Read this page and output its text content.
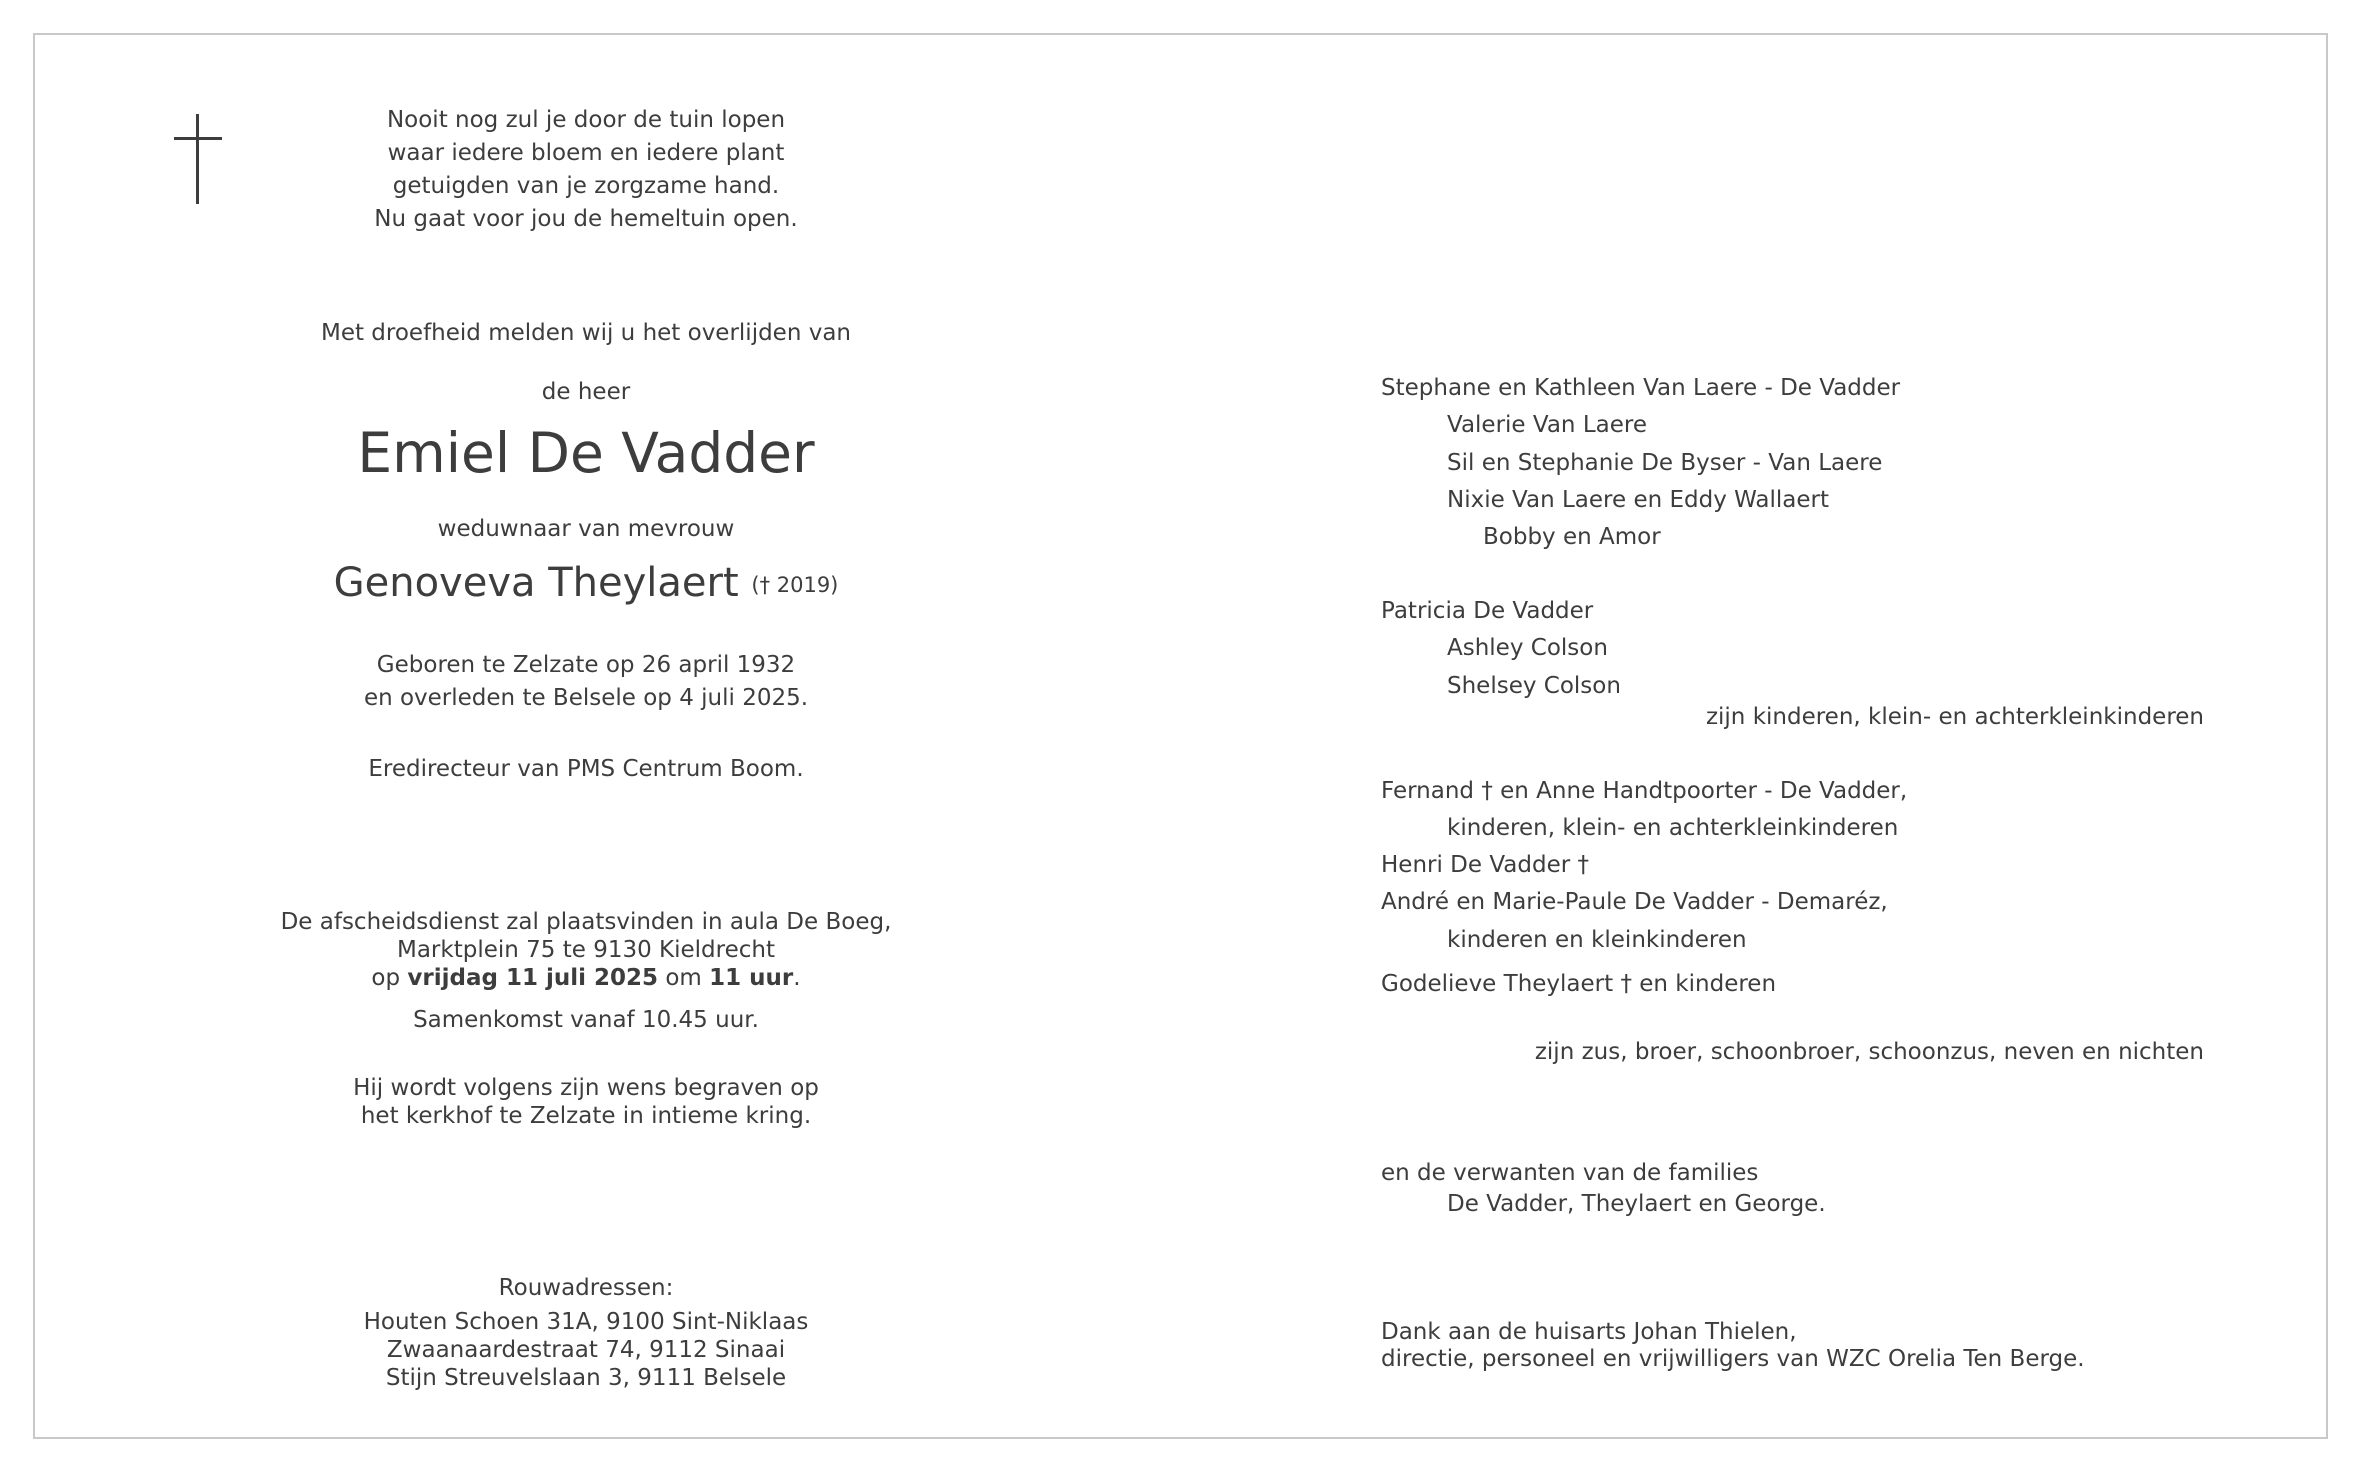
Nooit nog zul je door de tuin lopen
waar iedere bloem en iedere plant
getuigden van je zorgzame hand.
Nu gaat voor jou de hemeltuin open.
Met droefheid melden wij u het overlijden van
de heer
Emiel De Vadder
weduwnaar van mevrouw
Genoveva Theylaert († 2019)
Geboren te Zelzate op 26 april 1932
en overleden te Belsele op 4 juli 2025.
Eredirecteur van PMS Centrum Boom.
De afscheidsdienst zal plaatsvinden in aula De Boeg,
Marktplein 75 te 9130 Kieldrecht
op vrijdag 11 juli 2025 om 11 uur.
Samenkomst vanaf 10.45 uur.
Hij wordt volgens zijn wens begraven op
het kerkhof te Zelzate in intieme kring.
Rouwadressen:
Houten Schoen 31A, 9100 Sint-Niklaas
Zwaanaardestraat 74, 9112 Sinaai
Stijn Streuvelslaan 3, 9111 Belsele
Stephane en Kathleen Van Laere - De Vadder
Valerie Van Laere
Sil en Stephanie De Byser - Van Laere
Nixie Van Laere en Eddy Wallaert
Bobby en Amor
Patricia De Vadder
Ashley Colson
Shelsey Colson
zijn kinderen, klein- en achterkleinkinderen
Fernand † en Anne Handtpoorter - De Vadder,
kinderen, klein- en achterkleinkinderen
Henri De Vadder †
André en Marie-Paule De Vadder - Demaréz,
kinderen en kleinkinderen
Godelieve Theylaert † en kinderen
zijn zus, broer, schoonbroer, schoonzus, neven en nichten
en de verwanten van de families
De Vadder, Theylaert en George.
Dank aan de huisarts Johan Thielen,
directie, personeel en vrijwilligers van WZC Orelia Ten Berge.
